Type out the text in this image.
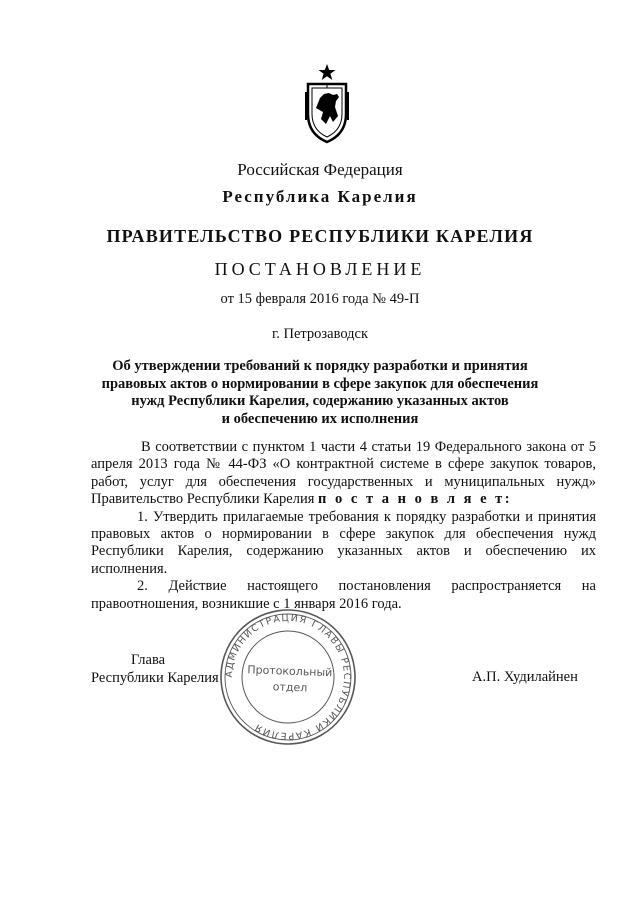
Российская Федерация
Республика Карелия
ПРАВИТЕЛЬСТВО РЕСПУБЛИКИ КАРЕЛИЯ
ПОСТАНОВЛЕНИЕ
от 15 февраля 2016 года № 49-П
г. Петрозаводск
Об утверждении требований к порядку разработки и принятия
правовых актов о нормировании в сфере закупок для обеспечения
нужд Республики Карелия, содержанию указанных актов
и обеспечению их исполнения
В соответствии с пунктом 1 части 4 статьи 19 Федерального закона от 5 апреля 2013 года № 44-ФЗ «О контрактной системе в сфере закупок товаров, работ, услуг для обеспечения государственных и муниципальных нужд» Правительство Республики Карелия п о с т а н о в л я е т:
1. Утвердить прилагаемые требования к порядку разработки и принятия правовых актов о нормировании в сфере закупок для обеспечения нужд Республики Карелия, содержанию указанных актов и обеспечению их исполнения.
2. Действие настоящего постановления распространяется на правоотношения, возникшие с 1 января 2016 года.
Глава
Республики Карелия	А.П. Худилайнен
АДМИНИСТРАЦИЯ ГЛАВЫ РЕСПУБЛИКИ КАРЕЛИЯ
Протокольный
отдел
